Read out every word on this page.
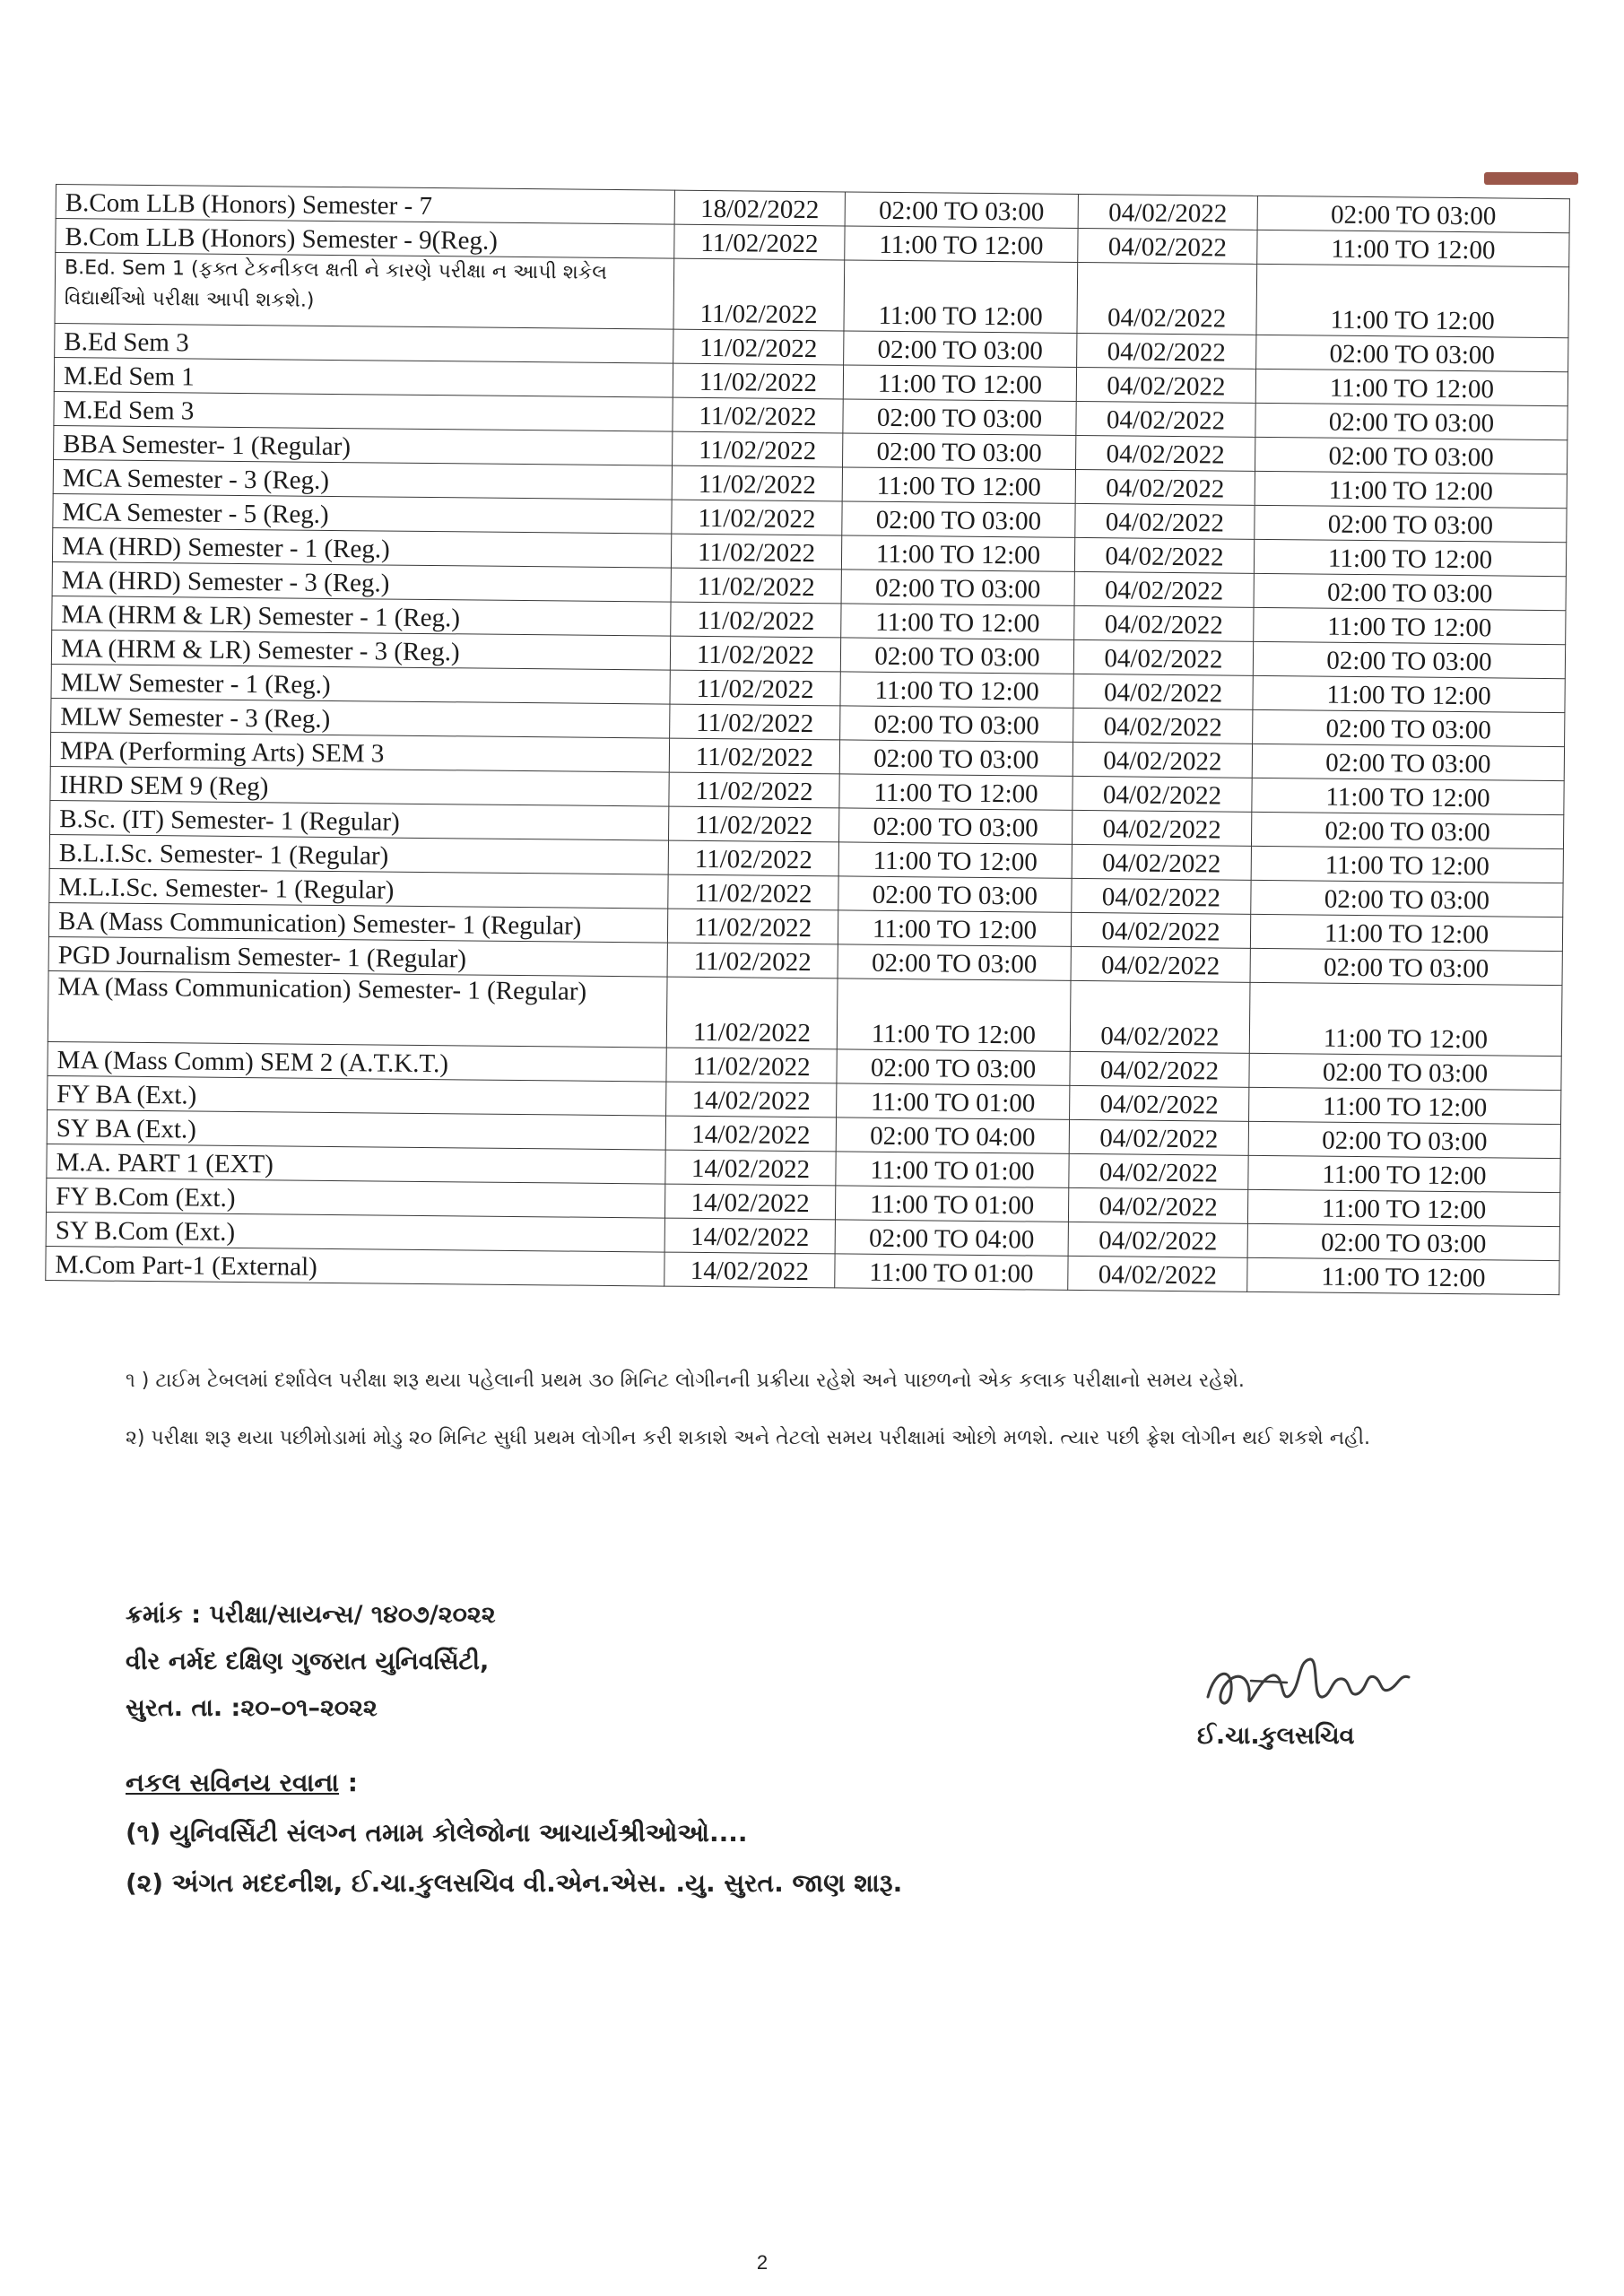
B.Com LLB (Honors) Semester - 7	18/02/2022	02:00 TO 03:00	04/02/2022	02:00 TO 03:00
B.Com LLB (Honors) Semester - 9(Reg.)	11/02/2022	11:00 TO 12:00	04/02/2022	11:00 TO 12:00
B.Ed. Sem 1 (ફક્ત ટેકનીકલ ક્ષતી ને કારણે પરીક્ષા ન આપી શકેલ વિદ્યાર્થીઓ પરીક્ષા આપી શકશે.)	11/02/2022	11:00 TO 12:00	04/02/2022	11:00 TO 12:00
B.Ed Sem 3	11/02/2022	02:00 TO 03:00	04/02/2022	02:00 TO 03:00
M.Ed Sem 1	11/02/2022	11:00 TO 12:00	04/02/2022	11:00 TO 12:00
M.Ed Sem 3	11/02/2022	02:00 TO 03:00	04/02/2022	02:00 TO 03:00
BBA Semester- 1 (Regular)	11/02/2022	02:00 TO 03:00	04/02/2022	02:00 TO 03:00
MCA Semester - 3 (Reg.)	11/02/2022	11:00 TO 12:00	04/02/2022	11:00 TO 12:00
MCA Semester - 5 (Reg.)	11/02/2022	02:00 TO 03:00	04/02/2022	02:00 TO 03:00
MA (HRD) Semester - 1 (Reg.)	11/02/2022	11:00 TO 12:00	04/02/2022	11:00 TO 12:00
MA (HRD) Semester - 3 (Reg.)	11/02/2022	02:00 TO 03:00	04/02/2022	02:00 TO 03:00
MA (HRM & LR) Semester - 1 (Reg.)	11/02/2022	11:00 TO 12:00	04/02/2022	11:00 TO 12:00
MA (HRM & LR) Semester - 3 (Reg.)	11/02/2022	02:00 TO 03:00	04/02/2022	02:00 TO 03:00
MLW Semester - 1 (Reg.)	11/02/2022	11:00 TO 12:00	04/02/2022	11:00 TO 12:00
MLW Semester - 3 (Reg.)	11/02/2022	02:00 TO 03:00	04/02/2022	02:00 TO 03:00
MPA (Performing Arts) SEM 3	11/02/2022	02:00 TO 03:00	04/02/2022	02:00 TO 03:00
IHRD SEM 9 (Reg)	11/02/2022	11:00 TO 12:00	04/02/2022	11:00 TO 12:00
B.Sc. (IT) Semester- 1 (Regular)	11/02/2022	02:00 TO 03:00	04/02/2022	02:00 TO 03:00
B.L.I.Sc. Semester- 1 (Regular)	11/02/2022	11:00 TO 12:00	04/02/2022	11:00 TO 12:00
M.L.I.Sc. Semester- 1 (Regular)	11/02/2022	02:00 TO 03:00	04/02/2022	02:00 TO 03:00
BA (Mass Communication) Semester- 1 (Regular)	11/02/2022	11:00 TO 12:00	04/02/2022	11:00 TO 12:00
PGD Journalism Semester- 1 (Regular)	11/02/2022	02:00 TO 03:00	04/02/2022	02:00 TO 03:00
MA (Mass Communication) Semester- 1 (Regular)	11/02/2022	11:00 TO 12:00	04/02/2022	11:00 TO 12:00
MA (Mass Comm) SEM 2 (A.T.K.T.)	11/02/2022	02:00 TO 03:00	04/02/2022	02:00 TO 03:00
FY BA (Ext.)	14/02/2022	11:00 TO 01:00	04/02/2022	11:00 TO 12:00
SY BA (Ext.)	14/02/2022	02:00 TO 04:00	04/02/2022	02:00 TO 03:00
M.A. PART 1 (EXT)	14/02/2022	11:00 TO 01:00	04/02/2022	11:00 TO 12:00
FY B.Com (Ext.)	14/02/2022	11:00 TO 01:00	04/02/2022	11:00 TO 12:00
SY B.Com (Ext.)	14/02/2022	02:00 TO 04:00	04/02/2022	02:00 TO 03:00
M.Com Part-1 (External)	14/02/2022	11:00 TO 01:00	04/02/2022	11:00 TO 12:00

૧ ) ટાઈમ ટેબલમાં દર્શાવેલ પરીક્ષા શરૂ થયા પહેલાની પ્રથમ ૩૦ મિનિટ લોગીનની પ્રક્રીયા રહેશે અને પાછળનો એક કલાક પરીક્ષાનો સમય રહેશે.

૨) પરીક્ષા શરૂ થયા પછીમોડામાં મોડુ ૨૦ મિનિટ સુધી પ્રથમ લોગીન કરી શકાશે અને તેટલો સમય પરીક્ષામાં ઓછો મળશે. ત્યાર પછી ફ્રેશ લોગીન થઈ શકશે નહી.

ક્રમાંક : પરીક્ષા/સાયન્સ/ ૧૪૦૭/૨૦૨૨
વીર નર્મદ દક્ષિણ ગુજરાત યુનિવર્સિટી,
સુરત. તા. :૨૦–૦૧–૨૦૨૨
ઈ.ચા.કુલસચિવ
નકલ સવિનય રવાના :
(૧) યુનિવર્સિટી સંલગ્ન તમામ કોલેજોના આચાર્યશ્રીઓઓ....
(૨) અંગત મદદનીશ, ઈ.ચા.કુલસચિવ વી.એન.એસ. .યુ. સુરત. જાણ શારૂ.
2
